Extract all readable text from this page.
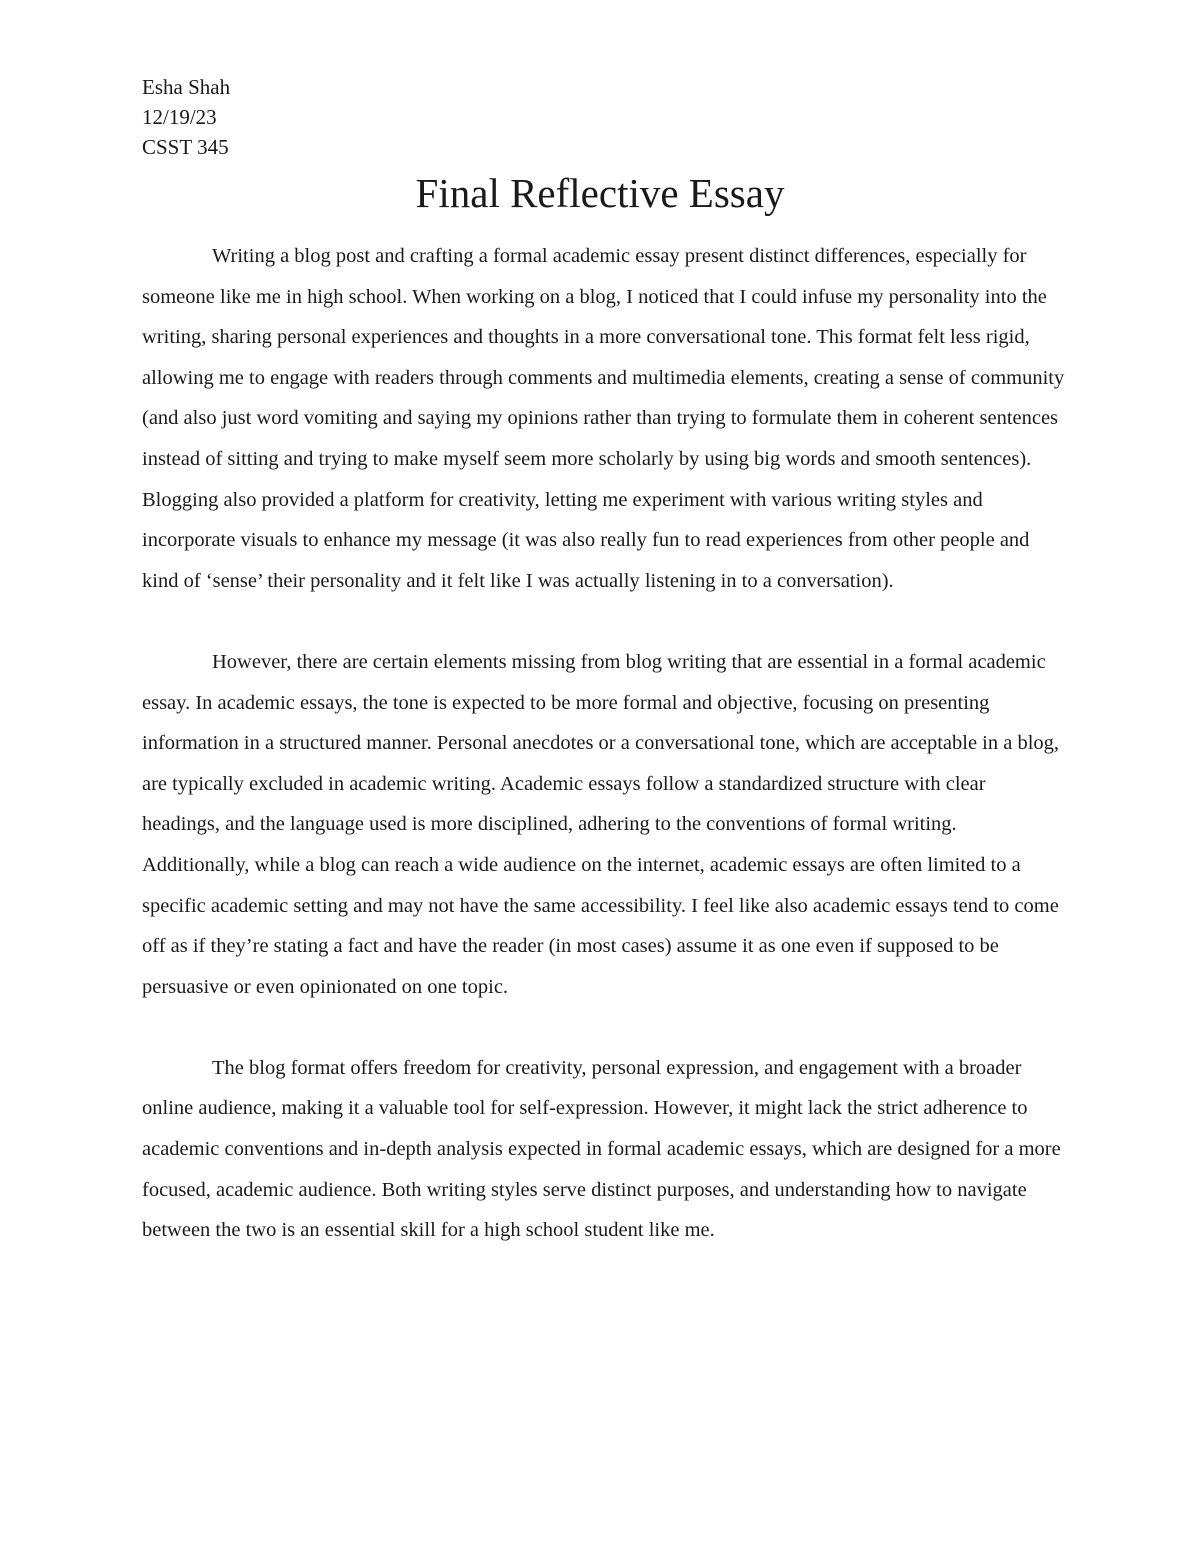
Esha Shah
12/19/23
CSST 345
Final Reflective Essay

Writing a blog post and crafting a formal academic essay present distinct differences, especially for someone like me in high school. When working on a blog, I noticed that I could infuse my personality into the writing, sharing personal experiences and thoughts in a more conversational tone. This format felt less rigid, allowing me to engage with readers through comments and multimedia elements, creating a sense of community (and also just word vomiting and saying my opinions rather than trying to formulate them in coherent sentences instead of sitting and trying to make myself seem more scholarly by using big words and smooth sentences). Blogging also provided a platform for creativity, letting me experiment with various writing styles and incorporate visuals to enhance my message (it was also really fun to read experiences from other people and kind of ‘sense’ their personality and it felt like I was actually listening in to a conversation).

However, there are certain elements missing from blog writing that are essential in a formal academic essay. In academic essays, the tone is expected to be more formal and objective, focusing on presenting information in a structured manner. Personal anecdotes or a conversational tone, which are acceptable in a blog, are typically excluded in academic writing. Academic essays follow a standardized structure with clear headings, and the language used is more disciplined, adhering to the conventions of formal writing. Additionally, while a blog can reach a wide audience on the internet, academic essays are often limited to a specific academic setting and may not have the same accessibility. I feel like also academic essays tend to come off as if they’re stating a fact and have the reader (in most cases) assume it as one even if supposed to be persuasive or even opinionated on one topic.

The blog format offers freedom for creativity, personal expression, and engagement with a broader online audience, making it a valuable tool for self-expression. However, it might lack the strict adherence to academic conventions and in-depth analysis expected in formal academic essays, which are designed for a more focused, academic audience. Both writing styles serve distinct purposes, and understanding how to navigate between the two is an essential skill for a high school student like me.
